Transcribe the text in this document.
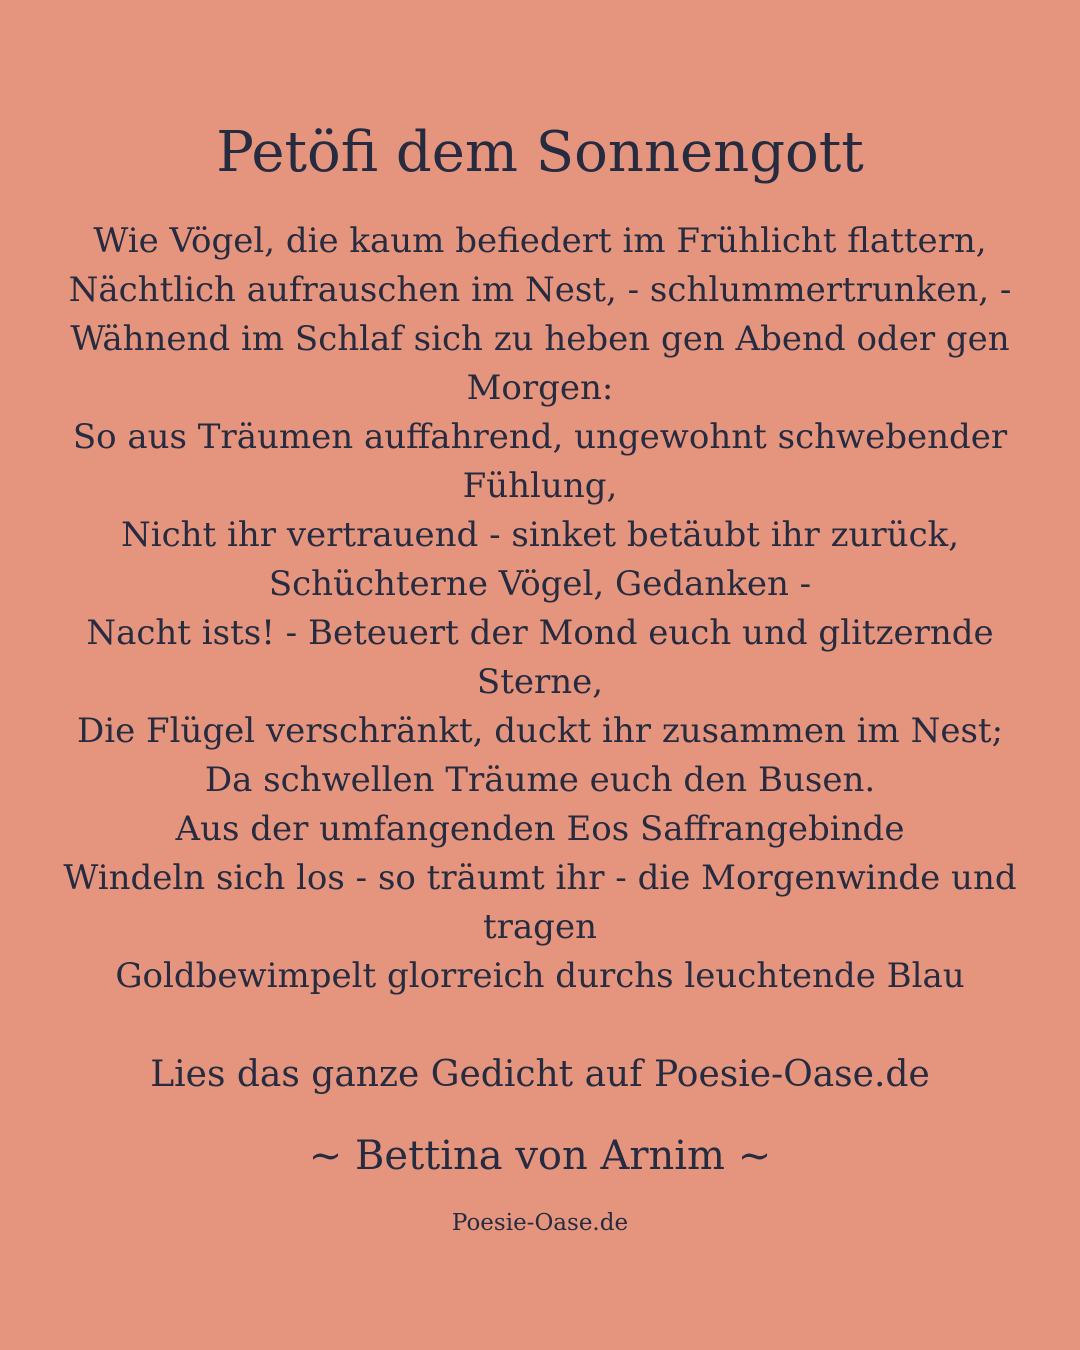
Petöfi dem Sonnengott
Wie Vögel, die kaum befiedert im Frühlicht flattern,
Nächtlich aufrauschen im Nest, - schlummertrunken, -
Wähnend im Schlaf sich zu heben gen Abend oder gen
Morgen:
So aus Träumen auffahrend, ungewohnt schwebender
Fühlung,
Nicht ihr vertrauend - sinket betäubt ihr zurück,
Schüchterne Vögel, Gedanken -
Nacht ists! - Beteuert der Mond euch und glitzernde
Sterne,
Die Flügel verschränkt, duckt ihr zusammen im Nest;
Da schwellen Träume euch den Busen.
Aus der umfangenden Eos Saffrangebinde
Windeln sich los - so träumt ihr - die Morgenwinde und
tragen
Goldbewimpelt glorreich durchs leuchtende Blau

Lies das ganze Gedicht auf Poesie-Oase.de

~ Bettina von Arnim ~

Poesie-Oase.de
